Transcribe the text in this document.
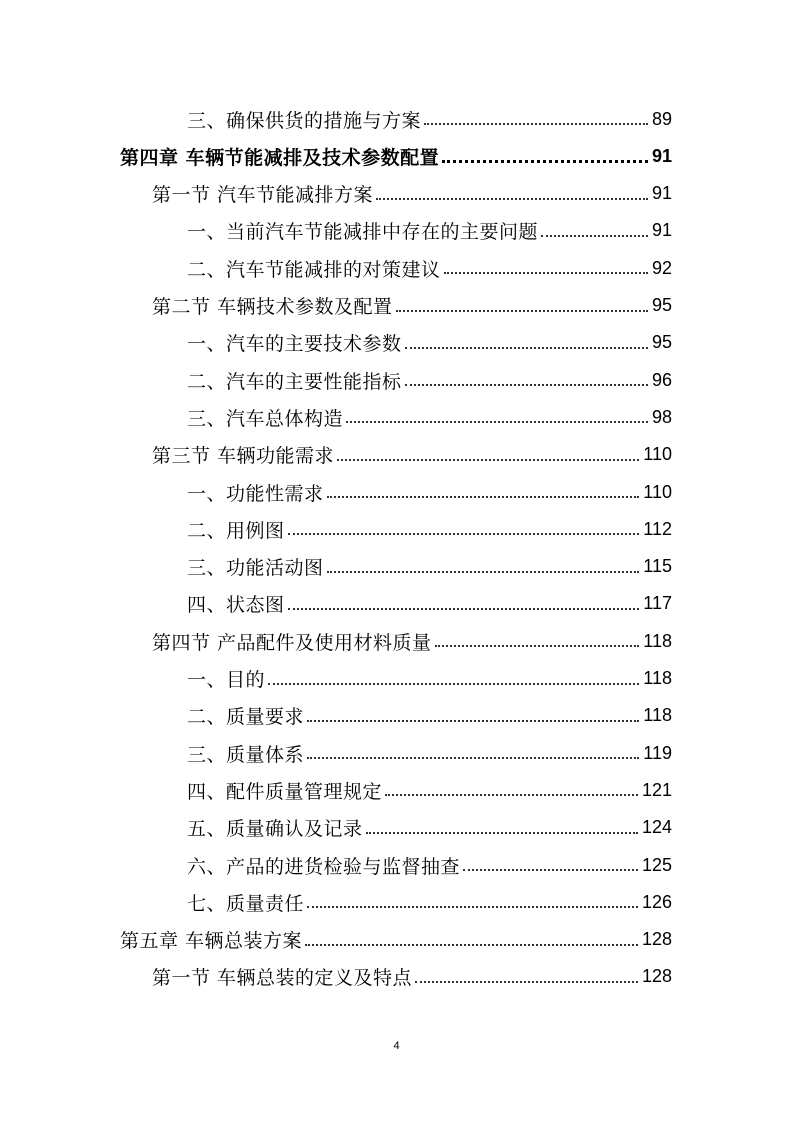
三、确保供货的措施与方案	89
第四章 车辆节能减排及技术参数配置	91
第一节 汽车节能减排方案	91
一、当前汽车节能减排中存在的主要问题	91
二、汽车节能减排的对策建议	92
第二节 车辆技术参数及配置	95
一、汽车的主要技术参数	95
二、汽车的主要性能指标	96
三、汽车总体构造	98
第三节 车辆功能需求	110
一、功能性需求	110
二、用例图	112
三、功能活动图	115
四、状态图	117
第四节 产品配件及使用材料质量	118
一、目的	118
二、质量要求	118
三、质量体系	119
四、配件质量管理规定	121
五、质量确认及记录	124
六、产品的进货检验与监督抽查	125
七、质量责任	126
第五章 车辆总装方案	128
第一节 车辆总装的定义及特点	128
4
